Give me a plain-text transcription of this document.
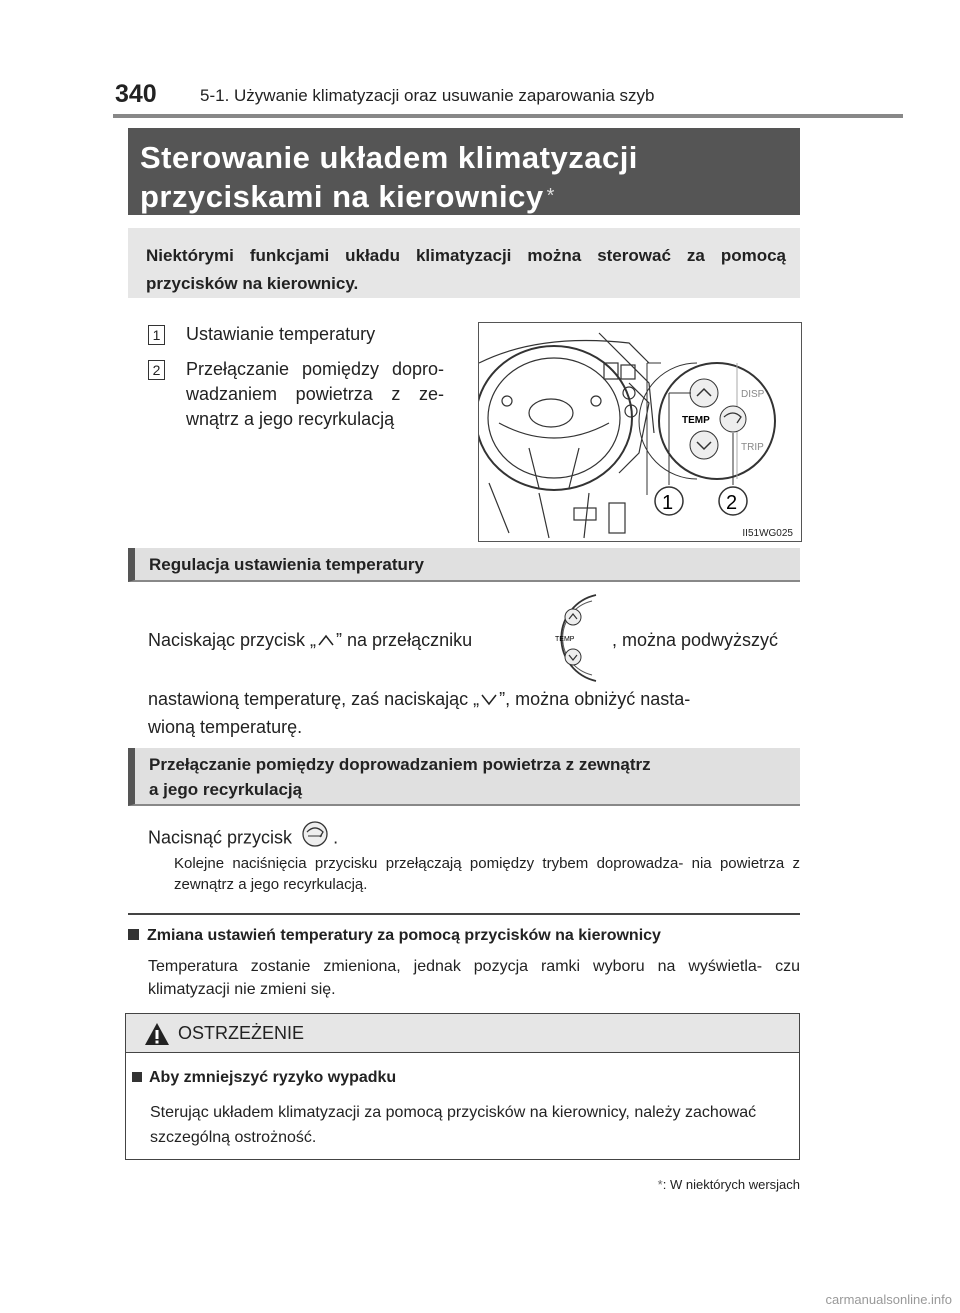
340	5-1. Używanie klimatyzacji oraz usuwanie zaparowania szyb
Sterowanie układem klimatyzacji
przyciskami na kierownicy *
Niektórymi funkcjami układu klimatyzacji można sterować za pomocą przycisków na kierownicy.
1 Ustawianie temperatury
2 Przełączanie pomiędzy dopro- wadzaniem powietrza z ze- wnątrz a jego recyrkulacją	TEMP
DISP
TRIP
1	2
II51WG025
Regulacja ustawienia temperatury
Naciskając przycisk „ ” na przełączniku	TEMP , można podwyższyć
nastawioną temperaturę, zaś naciskając „ ”, można obniżyć nasta-
wioną temperaturę.
Przełączanie pomiędzy doprowadzaniem powietrza z zewnątrz
a jego recyrkulacją
Nacisnąć przycisk .
Kolejne naciśnięcia przycisku przełączają pomiędzy trybem doprowadza- nia powietrza z zewnątrz a jego recyrkulacją.
Zmiana ustawień temperatury za pomocą przycisków na kierownicy
Temperatura zostanie zmieniona, jednak pozycja ramki wyboru na wyświetla- czu klimatyzacji nie zmieni się.
OSTRZEŻENIE
Aby zmniejszyć ryzyko wypadku
Sterując układem klimatyzacji za pomocą przycisków na kierownicy, należy zachować szczególną ostrożność.
*: W niektórych wersjach
carmanualsonline.info
